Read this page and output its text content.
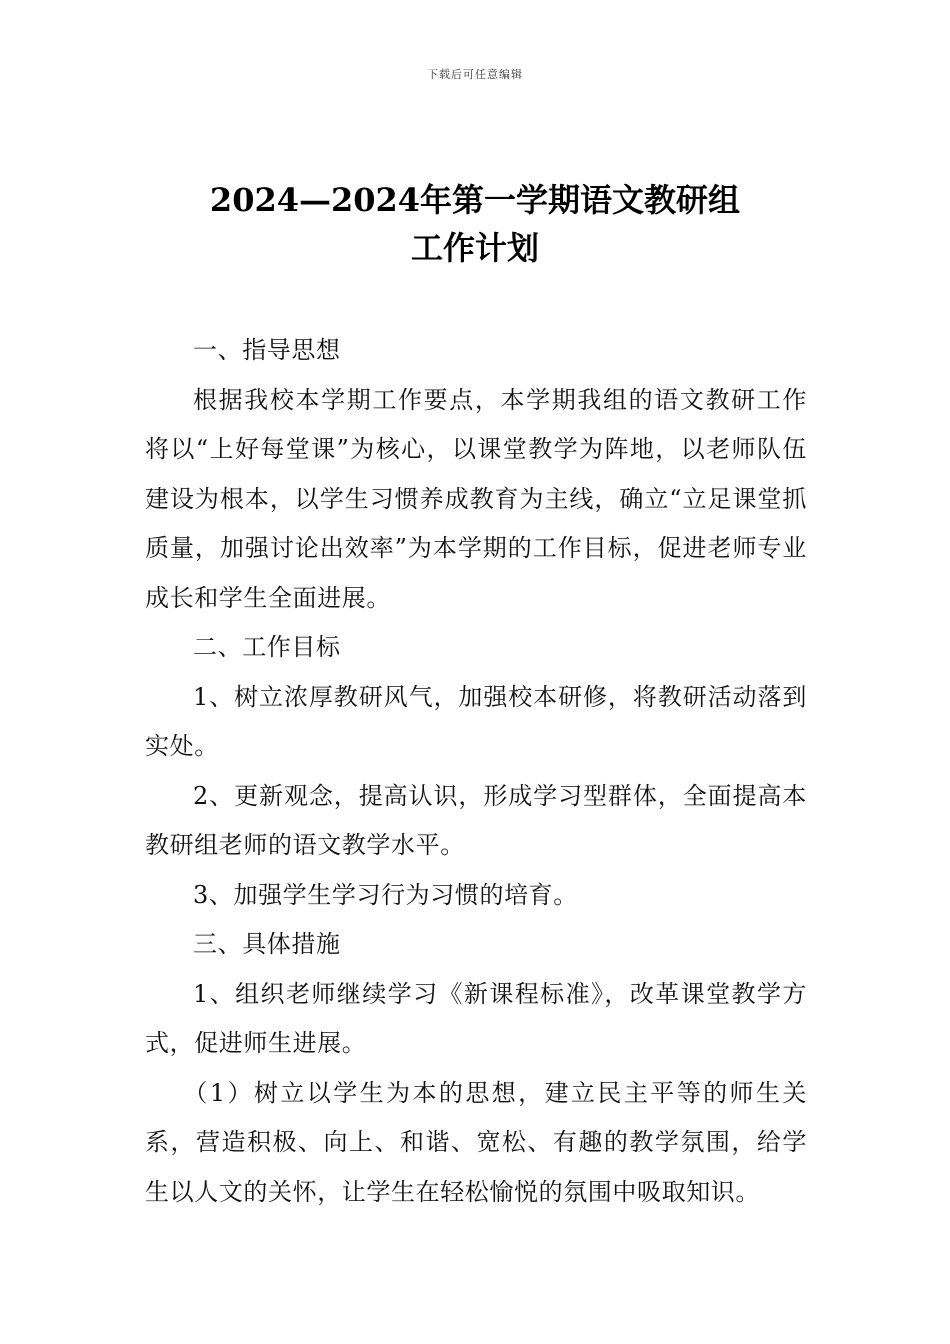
下载后可任意编辑
2024—2024年第一学期语文教研组
工作计划

一、指导思想

根据我校本学期工作要点，本学期我组的语文教研工作将以“上好每堂课”为核心，以课堂教学为阵地，以老师队伍建设为根本，以学生习惯养成教育为主线，确立“立足课堂抓质量，加强讨论出效率”为本学期的工作目标，促进老师专业成长和学生全面进展。

二、工作目标

1、树立浓厚教研风气，加强校本研修，将教研活动落到实处。

2、更新观念，提高认识，形成学习型群体，全面提高本教研组老师的语文教学水平。

3、加强学生学习行为习惯的培育。

三、具体措施

1、组织老师继续学习《新课程标准》，改革课堂教学方式，促进师生进展。

（1）树立以学生为本的思想，建立民主平等的师生关系，营造积极、向上、和谐、宽松、有趣的教学氛围，给学生以人文的关怀，让学生在轻松愉悦的氛围中吸取知识。
